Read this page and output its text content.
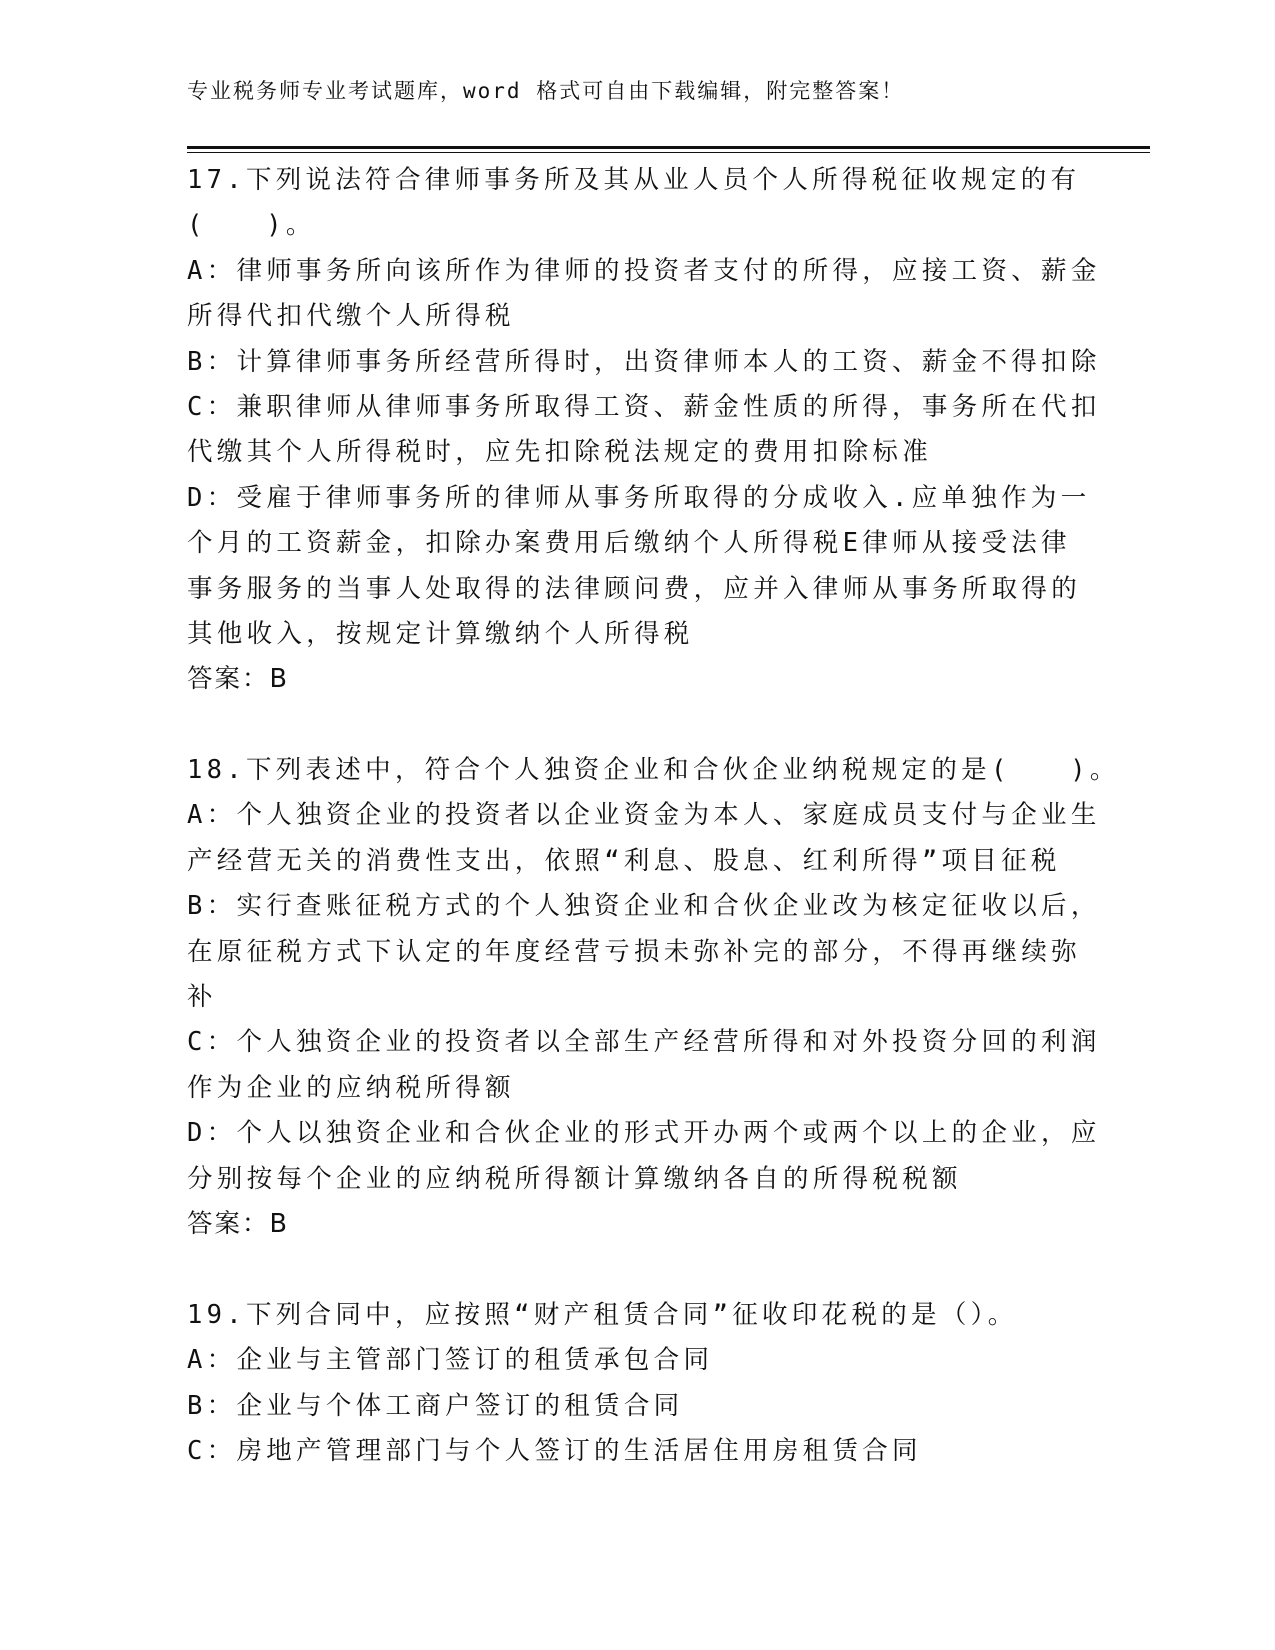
专业税务师专业考试题库，word 格式可自由下载编辑，附完整答案！
17.下列说法符合律师事务所及其从业人员个人所得税征收规定的有
(　　)。
A：律师事务所向该所作为律师的投资者支付的所得，应接工资、薪金
所得代扣代缴个人所得税
B：计算律师事务所经营所得时，出资律师本人的工资、薪金不得扣除
C：兼职律师从律师事务所取得工资、薪金性质的所得，事务所在代扣
代缴其个人所得税时，应先扣除税法规定的费用扣除标准
D：受雇于律师事务所的律师从事务所取得的分成收入.应单独作为一
个月的工资薪金，扣除办案费用后缴纳个人所得税E律师从接受法律
事务服务的当事人处取得的法律顾问费，应并入律师从事务所取得的
其他收入，按规定计算缴纳个人所得税
答案：B
18.下列表述中，符合个人独资企业和合伙企业纳税规定的是(　　)。
A：个人独资企业的投资者以企业资金为本人、家庭成员支付与企业生
产经营无关的消费性支出，依照“利息、股息、红利所得”项目征税
B：实行查账征税方式的个人独资企业和合伙企业改为核定征收以后，
在原征税方式下认定的年度经营亏损未弥补完的部分，不得再继续弥
补
C：个人独资企业的投资者以全部生产经营所得和对外投资分回的利润
作为企业的应纳税所得额
D：个人以独资企业和合伙企业的形式开办两个或两个以上的企业，应
分别按每个企业的应纳税所得额计算缴纳各自的所得税税额
答案：B
19.下列合同中，应按照“财产租赁合同”征收印花税的是（）。
A：企业与主管部门签订的租赁承包合同
B：企业与个体工商户签订的租赁合同
C：房地产管理部门与个人签订的生活居住用房租赁合同
